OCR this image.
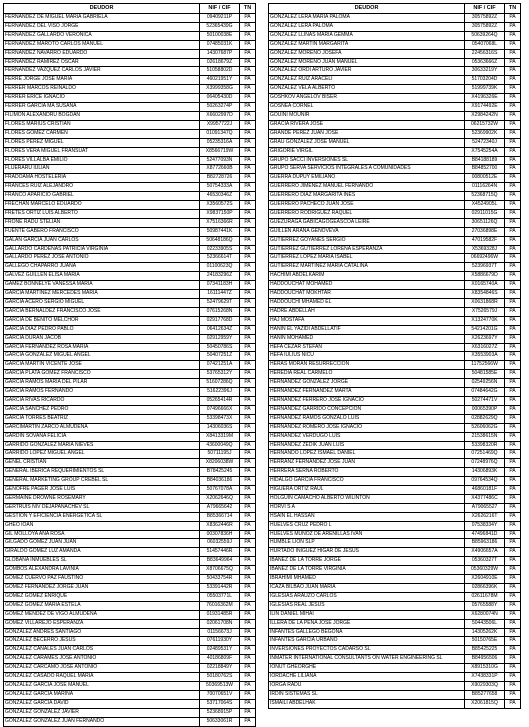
DEUDOR	NIF / CIF	TN
FERNANDEZ DE MIGUEL MARIA GABRIELA	09409211P	PA
FERNANDEZ DEL VISO JORGE	52365439G	PA
FERNANDEZ GALLARDO VERONICA	50100038E	PA
FERNANDEZ MAROTO CARLOS MANUEL	07485031K	PA
FERNANDEZ NAVARRO EDUARDO	14307687P	PA
FERNANDEZ RAMIREZ OSCAR	02618679Z	PA
FERNANDEZ VAZQUEZ CARLOS JAVIER	51058802D	PA
FERRE JORGE JOSE MARIA	46021951Y	PA
FERRER MARCOS REINALDO	X3999358G	PA
FERRER ERICE IGNACIO	06405430D	PA
FERRER GARCIA MA SUSANA	50263274P	PA
FILIMON ALEXANDRU BOGDAN	X6602997D	PA
FLORES MARIUS CRISTIAN	X9957722J	PA
FLORES GOMEZ CARMEN	01091347Q	PA
FLORES PEREZ MIGUEL	05235316A	PA
FLORES VERA MIGUEL FRANSUAT	X8566719W	PA
FLORES VILLALBA EMILIO	52477093N	PA
FLUERARU IULIAN	X8772660B	PA
FRADOAMA HOSTELERIA	B82728726	PA
FRANCES RUIZ ALEJANDRO	50754333A	PA
FRANCO APARICIO GABRIEL	46530346Z	PA
FRECHAN MARCELO EDUARDO	X3560572S	PA
FRETES ORTIZ LUIS ALBERTO	X9837150P	PA
FRONE RADU STELIAN	X7516366R	PA
FUENTE GABERO FRANCISCO	50987441K	PA
GALAN GARCIA JUAN CARLOS	50648186Q	PA
GALLARDO CARDENAS PATRICIA VIRGINIA	02233905S	PA
GALLARDO PEREZ JOSE ANTONIO	52366614T	PA
GALLEGO CHAPARRO JUANA	01100623Q	PA
GALVEZ GUILLEN ELISA MARIA	24183296Z	PA
GAMEZ BONNELYE VANESSA MARIA	07341183H	PA
GARCIA MARTINEZ MERCEDES MARIA	16111447Z	PA
GARCIA ACERO SERGIO MIGUEL	52479629T	PA
GARCIA BERNALDEZ FRANCISCO JOSE	07615268N	PA
GARCIA DE BENITO MELCHOR	02917768D	PA
GARCIA DIAZ PEDRO PABLO	06412634Z	PA
GARCIA DURAN JACOB	02912959Y	PA
GARCIA FERNANDEZ ROSA MARIA	50450786S	PA
GARCIA GONZALEZ MIGUEL ANGEL	50407251Z	PA
GARCIA MARTIN VICENTE JOSE	07421251A	PA
GARCIA PLATA GOMEZ FRANCISCO	53765312Y	PA
GARCIA RAMOS MARIA DEL PILAR	51607286Q	PA
GARCIA RAMOS FERNANDO	51622396J	PA
GARCIA RIVAS RICARDO	05265414R	PA
GARCIA SANCHEZ PEDRO	07496666X	PA
GARCIA TORRES BEATRIZ	53398473X	PA
GARCIMARTIN ZARCO ALMUDENA	14306036S	PA
GARDIN SOVANA FELICIA	X8413319M	PA
GARRIDO GONZALEZ MARIA NIEVES	43600049Q	PA
GARRIDO LOPEZ MIGUEL ANGEL	50711195J	PA
GENEL CRISTIAN	X8206038W	PA
GENERAL IBERICA REQUERIMIENTOS SL	B78425245	PA
GENERAL MARKETING GROUP CREBEL SL	B84036186	PA
GENOFRE PAGER JOSE LUIS	50767078A	PA
GERMAINE DROWNE ROSEMARY	X2062646Q	PA
GERTRUIS NIV DEJAPANACHEV SL	A79665642	PA
GESTION Y EFICIENCIA ENERGETICA SL	B85366714	PA
GHEO IOAN	X8362446R	PA
GIL MOLLOYA ANA ROSA	00307836H	PA
GILGADO GOMEZ JUAN JUAN	06032559J	PA
GIRALDO GOMEZ LUZ AMANDA	51457446R	PA
GLOBANA INMUEBLES SL	B83649964	PA
GOMBOS ALEXANDRA LAVINIA	X8706675Q	PA
GOMEZ CUERVO PAZ FAUSTINO	50433754R	PA
GOMEZ FERNANDEZ JORGE JUAN	53391442R	PA
GOMEZ GOMEZ ENRIQUE	05503771L	PA
GOMEZ GOMEZ MARIA ESTELA	76016362M	PA
GOMEZ MENDEZ DE VIGO ALMUDENA	01931485R	PA
GOMEZ VILLAREJO ESPERANZA	02061708N	PA
GONZALEZ ANDRES SANTIAGO	01156673J	PA
GONZALEZ BECERRO JESUS	07611930Y	PA
GONZALEZ CANALES JUAN CARLOS	02489531Y	PA
GONZALEZ CARAMES JOSE ANTONIO	40186809F	PA
GONZALEZ CARCAMO JOSE ANTONIO	02218849Y	PA
GONZALEZ CASADO RAQUEL MARIA	50180762S	PA
GONZALEZ GARCIA JOSE MANUEL	50369513W	PA
GONZALEZ GARCIA MARINA	70070651V	PA
GONZALEZ GARCIA DAVID	53717064S	PA
GONZALEZ GONZALEZ JAVIER	52368915P	PA
GONZALEZ GONZALEZ JUAN FERNANDO	50633061R	PA
DEUDOR	NIF / CIF	TN
GONZALEZ LERA MARIA PALOMA	30575892Z	PA
GONZALEZ LERA PALOMA	30575892Z	PA
GONZALEZ LLINAS MARIA GEMMA	50639264Q	PA
GONZALEZ MARTIN MARGARITA	05407068L	PA
GONZALEZ MORENO JOSEFA	22456316S	PA
GONZALEZ MORENO JUAN MANUEL	05363666Z	PA
GONZALEZ ORDI ARTURO JAVIER	30633219Y	PA
GONZALEZ RUIZ ARACELI	51703204D	PA
GONZALEZ VELA ALBERTO	51999739K	PA
GOSHKOV ANGELOV BISER	X4196326E	PA
GOSNEA CORNEL	X9174492E	PA
GOUINI MOUNIR	X2984242N	PA
GRACIA RIVERA JOSE	06215732W	PA
GRANDE PEREZ JUAN JOSE	52369902K	PA
GRAU GONZALEZ JOSE MANUEL	52472340J	PA
GRIGORIE VIRGIL	X7545254A	PA
GRUPO SACCI INVERSIONES SL	B84188189	PA
GRUPO SERVA SERVICIOS INTEGRALES A COMUNIDADES	B84852700	PA
GUERRA DUPUY EMILIANO	00800512E	PA
GUERRERO JIMENEZ MANUEL FERNANDO	01116264N	PA
GUERRERO DIAZ MARGARITA INES	52368715Q	PA
GUERRERO PACHECO JUAN JOSE	X4524905L	PA
GUERRERO RODRIGUEZ RAQUEL	02911015G	PA
GUEZURAGA GABICAGOGEASCOA LEIRE	30651126Q	PA
GUILLEN ARANA GENOVEVA	27036898E	PA
GUTIERREZ GOYANES SERGIO	47019582F	PA
GUTIERREZ GUTIERREZ LORENA ESPERANZA	X5369328J	PA
GUTIERREZ LOPEZ MARIA ISABEL	06692496W	PA
GUTIERREZ MARTINEZ MARIA CATALINA	52396937T	PA
HACHIMI ABDELKARIM	X5886679D	PA
HADDOUCHAT MOHAMED	X0165740A	PA
HADDOUCHAT MOKHTAR	X8354846S	PA
HADDOUCHI MHAMED EL	X0631868R	PA
HADRE ABDELLAH	X7526579J	PA
HAJ MOSTAFA	X1324770K	PA
HANIN EL YAZIDI ABDELLATIF	54214201G	PA
HANIN MOHAMED	X2623697Y	PA
HEFA CEZAR STEFAN	X6316027Z	PA
HEFA IULIUS NICU	X3553903A	PA
HERAS MORAN RESURRECCION	11752566W	PA
HEREDIA REAL CARMELO	50481585E	PA
HERNANDEZ GONZALEZ JORGE	02549256N	PA
HERNANDEZ FERNANDEZ MARTA	07484642G	PA
HERNANDEZ FERRERO JOSE IGNACIO	50274471V	PA
HERNANDEZ GARRIDO CONCEPCION	00065390P	PA
HERNANDEZ RAMOS GONZALO LUIS	02882629Q	PA
HERNANDEZ ROMERO JOSE IGNACIO	52606062G	PA
HERNANDEZ VERDUGO LUIS	21538615N	PA
HERNANDEZ ZEDIK JUAN LUIS	53398320R	PA
HERNANDO LOPEZ ISMAEL DANIEL	07251469Q	PA
HERRANZ FERNANDEZ JOSE JUAN	07248976Q	PA
HERRERA SERNA ROBERTO	14306893K	PA
HIDALGO GARCIA FRANCISCO	09764534Q	PA
HIGUERA ORTIZ RAUL	46860181F	PA
HOLGUIN CAMACHO ALBERTO WILINTON	X4377486C	PA
HORVI S A	A79065527	PA
HSAIN EL HASSAN	X2626216T	PA
HUELVES CRUZ PEDRO L	07538334Y	PA
HUELVES MUNOZ DE ARENILLAS IVAN	47496841D	PA
HUMBLE LION SLP	B85963186	PA
HURTADO INIGUEZ HIGAR DE JESUS	X4906657A	PA
IBANEZ DE LA TORRE JORGE	05360327T	PA
IBANEZ DE LA TORRE VIRGINIA	05360329W	PA
IBRAHIMI MHAMED	X2604910E	PA
ICAZA BILBAO JUAN MARIA	02866396K	PA
IGLESIAS ARAUZO CARLOS	02611678M	PA
IGLESIAS REAL JESUS	05765588Y	PA
ILIN DANIEL MIHAI	X6280074N	PA
ILLERA DE LA PENA JOSE JORGE	50443506L	PA
INFANTES GALLEGO BEGONA	14305262K	PA
INFANTES GARCIA URBANO	50150765E	PA
INVERSIONES PROYECTOS CADARSO SL	B85425225	PA
INMATER INTERNATIONAL CONSULTANTS ON WATER ENGINEERING SL	B84956506	PA
IONUT GHEORGHE	X8915310G	PA
IORDACHE LILIANA	X7438331P	PA
IORGA RADU	X9029303Q	PA
IRDIN SISTEMAS SL	B85277658	PA
ISMAILI ABDELHAK	X2061815Q	PA
